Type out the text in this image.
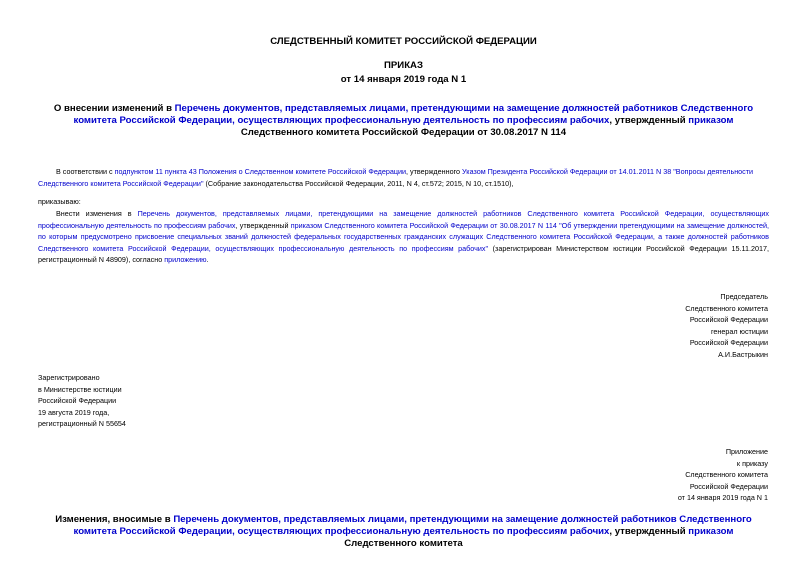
СЛЕДСТВЕННЫЙ КОМИТЕТ РОССИЙСКОЙ ФЕДЕРАЦИИ
ПРИКАЗ
от 14 января 2019 года N 1
О внесении изменений в Перечень документов, представляемых лицами, претендующими на замещение должностей работников Следственного комитета Российской Федерации, осуществляющих профессиональную деятельность по профессиям рабочих, утвержденный приказом Следственного комитета Российской Федерации от 30.08.2017 N 114
В соответствии с подпунктом 11 пункта 43 Положения о Следственном комитете Российской Федерации, утвержденного Указом Президента Российской Федерации от 14.01.2011 N 38 "Вопросы деятельности Следственного комитета Российской Федерации" (Собрание законодательства Российской Федерации, 2011, N 4, ст.572; 2015, N 10, ст.1510),
приказываю:
Внести изменения в Перечень документов, представляемых лицами, претендующими на замещение должностей работников Следственного комитета Российской Федерации, осуществляющих профессиональную деятельность по профессиям рабочих, утвержденный приказом Следственного комитета Российской Федерации от 30.08.2017 N 114 "Об утверждении претендующими на замещение должностей, по которым предусмотрено присвоение специальных званий должностей федеральных государственных гражданских служащих Следственного комитета Российской Федерации, а также должностей работников Следственного комитета Российской Федерации, осуществляющих профессиональную деятельность по профессиям рабочих" (зарегистрирован Министерством юстиции Российской Федерации 15.11.2017, регистрационный N 48909), согласно приложению.
Председатель
Следственного комитета
Российской Федерации
генерал юстиции
Российской Федерации
А.И.Бастрыкин
Зарегистрировано
в Министерстве юстиции
Российской Федерации
19 августа 2019 года,
регистрационный N 55654
Приложение
к приказу
Следственного комитета
Российской Федерации
от 14 января 2019 года N 1
Изменения, вносимые в Перечень документов, представляемых лицами, претендующими на замещение должностей работников Следственного комитета Российской Федерации, осуществляющих профессиональную деятельность по профессиям рабочих, утвержденный приказом Следственного комитета
